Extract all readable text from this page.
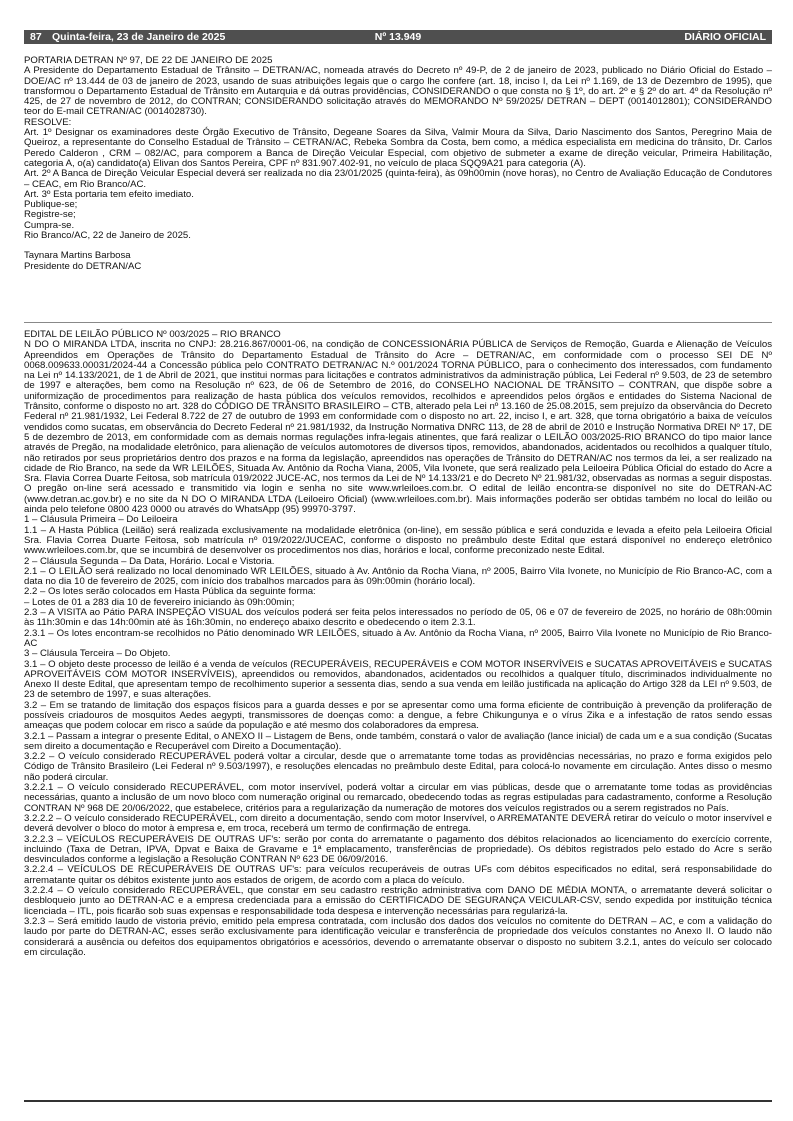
87 Quinta-feira, 23 de Janeiro de 2025	Nº 13.949	DIÁRIO OFICIAL

PORTARIA DETRAN Nº 97, DE 22 DE JANEIRO DE 2025

A Presidente do Departamento Estadual de Trânsito – DETRAN/AC, nomeada através do Decreto nº 49-P, de 2 de janeiro de 2023, publicado no Diário Oficial do Estado – DOE/AC nº 13.444 de 03 de janeiro de 2023, usando de suas atribuições legais que o cargo lhe confere (art. 18, inciso I, da Lei nº 1.169, de 13 de Dezembro de 1995), que transformou o Departamento Estadual de Trânsito em Autarquia e dá outras providências, CONSIDERANDO o que consta no § 1º, do art. 2º e § 2º do art. 4º da Resolução nº 425, de 27 de novembro de 2012, do CONTRAN; CONSIDERANDO solicitação através do MEMORANDO Nº 59/2025/ DETRAN – DEPT (0014012801); CONSIDERANDO teor do E-mail CETRAN/AC (0014028730).

RESOLVE:

Art. 1º Designar os examinadores deste Órgão Executivo de Trânsito, Degeane Soares da Silva, Valmir Moura da Silva, Dario Nascimento dos Santos, Peregrino Maia de Queiroz, a representante do Conselho Estadual de Trânsito – CETRAN/AC, Rebeka Sombra da Costa, bem como, a médica especialista em medicina do trânsito, Dr. Carlos Peredo Calderon , CRM – 082/AC, para comporem a Banca de Direção Veicular Especial, com objetivo de submeter a exame de direção veicular, Primeira Habilitação, categoria A, o(a) candidato(a) Elivan dos Santos Pereira, CPF nº 831.907.402-91, no veículo de placa SQQ9A21 para categoria (A).

Art. 2º A Banca de Direção Veicular Especial deverá ser realizada no dia 23/01/2025 (quinta-feira), às 09h00min (nove horas), no Centro de Avaliação Educação de Condutores – CEAC, em Rio Branco/AC.

Art. 3º Esta portaria tem efeito imediato.

Publique-se;

Registre-se;

Cumpra-se.

Rio Branco/AC, 22 de Janeiro de 2025.

Taynara Martins Barbosa

Presidente do DETRAN/AC

EDITAL DE LEILÃO PÚBLICO Nº 003/2025 – RIO BRANCO

N DO O MIRANDA LTDA, inscrita no CNPJ: 28.216.867/0001-06, na condição de CONCESSIONÁRIA PÚBLICA de Serviços de Remoção, Guarda e Alienação de Veículos Apreendidos em Operações de Trânsito do Departamento Estadual de Trânsito do Acre – DETRAN/AC, em conformidade com o processo SEI DE Nº 0068.009633.00031/2024-44 a Concessão pública pelo CONTRATO DETRAN/AC N.º 001/2024 TORNA PÚBLICO, para o conhecimento dos interessados, com fundamento na Lei nº 14.133/2021, de 1 de Abril de 2021, que institui normas para licitações e contratos administrativos da administração pública, Lei Federal nº 9.503, de 23 de setembro de 1997 e alterações, bem como na Resolução nº 623, de 06 de Setembro de 2016, do CONSELHO NACIONAL DE TRÂNSITO – CONTRAN, que dispõe sobre a uniformização de procedimentos para realização de hasta pública dos veículos removidos, recolhidos e apreendidos pelos órgãos e entidades do Sistema Nacional de Trânsito, conforme o disposto no art. 328 do CÓDIGO DE TRÂNSITO BRASILEIRO – CTB, alterado pela Lei nº 13.160 de 25.08.2015, sem prejuízo da observância do Decreto Federal nº 21.981/1932, Lei Federal 8.722 de 27 de outubro de 1993 em conformidade com o disposto no art. 22, inciso I, e art. 328, que torna obrigatório a baixa de veículos vendidos como sucatas, em observância do Decreto Federal nº 21.981/1932, da Instrução Normativa DNRC 113, de 28 de abril de 2010 e Instrução Normativa DREI Nº 17, DE 5 de dezembro de 2013, em conformidade com as demais normas regulações infra-legais atinentes, que fará realizar o LEILÃO 003/2025-RIO BRANCO do tipo maior lance através de Pregão, na modalidade eletrônico, para alienação de veículos automotores de diversos tipos, removidos, abandonados, acidentados ou recolhidos a qualquer título, não retirados por seus proprietários dentro dos prazos e na forma da legislação, apreendidos nas operações de Trânsito do DETRAN/AC nos termos da lei, a ser realizado na cidade de Rio Branco, na sede da WR LEILÕES, Situada Av. Antônio da Rocha Viana, 2005, Vila Ivonete, que será realizado pela Leiloeira Pública Oficial do estado do Acre a Sra. Flavia Correa Duarte Feitosa, sob matrícula 019/2022 JUCE-AC, nos termos da Lei de Nº 14.133/21 e do Decreto Nº 21.981/32, observadas as normas a seguir dispostas. O pregão on-line será acessado e transmitido via login e senha no site www.wrleiloes.com.br. O edital de leilão encontra-se disponível no site do DETRAN-AC (www.detran.ac.gov.br) e no site da N DO O MIRANDA LTDA (Leiloeiro Oficial) (www.wrleiloes.com.br). Mais informações poderão ser obtidas também no local do leilão ou ainda pelo telefone 0800 423 0000 ou através do WhatsApp (95) 99970-3797.

1 – Cláusula Primeira – Do Leiloeira

1.1 – A Hasta Pública (Leilão) será realizada exclusivamente na modalidade eletrônica (on-line), em sessão pública e será conduzida e levada a efeito pela Leiloeira Oficial Sra. Flavia Correa Duarte Feitosa, sob matrícula nº 019/2022/JUCEAC, conforme o disposto no preâmbulo deste Edital que estará disponível no endereço eletrônico www.wrleiloes.com.br, que se incumbirá de desenvolver os procedimentos nos dias, horários e local, conforme preconizado neste Edital.

2 – Cláusula Segunda – Da Data, Horário. Local e Vistoria.

2.1 – O LEILÃO será realizado no local denominado WR LEILÕES, situado à Av. Antônio da Rocha Viana, nº 2005, Bairro Vila Ivonete, no Município de Rio Branco-AC, com a data no dia 10 de fevereiro de 2025, com início dos trabalhos marcados para às 09h:00min (horário local).

2.2 – Os lotes serão colocados em Hasta Pública da seguinte forma:

– Lotes de 01 a 283 dia 10 de fevereiro iniciando às 09h:00min;

2.3 – A VISITA ao Pátio PARA INSPEÇÃO VISUAL dos veículos poderá ser feita pelos interessados no período de 05, 06 e 07 de fevereiro de 2025, no horário de 08h:00min às 11h:30min e das 14h:00min até às 16h:30min, no endereço abaixo descrito e obedecendo o item 2.3.1.

2.3.1 – Os lotes encontram-se recolhidos no Pátio denominado WR LEILÕES, situado à Av. Antônio da Rocha Viana, nº 2005, Bairro Vila Ivonete no Município de Rio Branco-AC

3 – Cláusula Terceira – Do Objeto.

3.1 – O objeto deste processo de leilão é a venda de veículos (RECUPERÁVEIS, RECUPERÁVEIS e COM MOTOR INSERVÍVEIS e SUCATAS APROVEITÁVEIS e SUCATAS APROVEITÁVEIS COM MOTOR INSERVÍVEIS), apreendidos ou removidos, abandonados, acidentados ou recolhidos a qualquer título, discriminados individualmente no Anexo II deste Edital, que apresentam tempo de recolhimento superior a sessenta dias, sendo a sua venda em leilão justificada na aplicação do Artigo 328 da LEI nº 9.503, de 23 de setembro de 1997, e suas alterações.

3.2 – Em se tratando de limitação dos espaços físicos para a guarda desses e por se apresentar como uma forma eficiente de contribuição à prevenção da proliferação de possíveis criadouros de mosquitos Aedes aegypti, transmissores de doenças como: a dengue, a febre Chikungunya e o vírus Zika e a infestação de ratos sendo essas ameaças que podem colocar em risco a saúde da população e até mesmo dos colaboradores da empresa.

3.2.1 – Passam a integrar o presente Edital, o ANEXO II – Listagem de Bens, onde também, constará o valor de avaliação (lance inicial) de cada um e a sua condição (Sucatas sem direito a documentação e Recuperável com Direito a Documentação).

3.2.2 – O veículo considerado RECUPERÁVEL poderá voltar a circular, desde que o arrematante tome todas as providências necessárias, no prazo e forma exigidos pelo Código de Trânsito Brasileiro (Lei Federal nº 9.503/1997), e resoluções elencadas no preâmbulo deste Edital, para colocá-lo novamente em circulação. Antes disso o mesmo não poderá circular.

3.2.2.1 – O veículo considerado RECUPERÁVEL, com motor inservível, poderá voltar a circular em vias públicas, desde que o arrematante tome todas as providências necessárias, quanto a inclusão de um novo bloco com numeração original ou remarcado, obedecendo todas as regras estipuladas para cadastramento, conforme a Resolução CONTRAN Nº 968 DE 20/06/2022, que estabelece, critérios para a regularização da numeração de motores dos veículos registrados ou a serem registrados no País.

3.2.2.2 – O veículo considerado RECUPERÁVEL, com direito a documentação, sendo com motor Inservível, o ARREMATANTE DEVERÁ retirar do veículo o motor inservível e deverá devolver o bloco do motor à empresa e, em troca, receberá um termo de confirmação de entrega.

3.2.2.3 – VEÍCULOS RECUPERÁVEIS DE OUTRAS UF's: serão por conta do arrematante o pagamento dos débitos relacionados ao licenciamento do exercício corrente, incluindo (Taxa de Detran, IPVA, Dpvat e Baixa de Gravame e 1ª emplacamento, transferências de propriedade). Os débitos registrados pelo estado do Acre s serão desvinculados conforme a legislação a Resolução CONTRAN Nº 623 DE 06/09/2016.

3.2.2.4 – VEÍCULOS DE RECUPERÁVEIS DE OUTRAS UF's: para veículos recuperáveis de outras UFs com débitos especificados no edital, será responsabilidade do arrematante quitar os débitos existente junto aos estados de origem, de acordo com a placa do veículo.

3.2.2.4 – O veículo considerado RECUPERÁVEL, que constar em seu cadastro restrição administrativa com DANO DE MÉDIA MONTA, o arrematante deverá solicitar o desbloqueio junto ao DETRAN-AC e a empresa credenciada para a emissão do CERTIFICADO DE SEGURANÇA VEICULAR-CSV, sendo expedida por instituição técnica licenciada – ITL, pois ficarão sob suas expensas e responsabilidade toda despesa e intervenção necessárias para regularizá-la.

3.2.3 – Será emitido laudo de vistoria prévio, emitido pela empresa contratada, com inclusão dos dados dos veículos no comitente do DETRAN – AC, e com a validação do laudo por parte do DETRAN-AC, esses serão exclusivamente para identificação veicular e transferência de propriedade dos veículos constantes no Anexo II. O laudo não considerará a ausência ou defeitos dos equipamentos obrigatórios e acessórios, devendo o arrematante observar o disposto no subitem 3.2.1, antes do veículo ser colocado em circulação.
